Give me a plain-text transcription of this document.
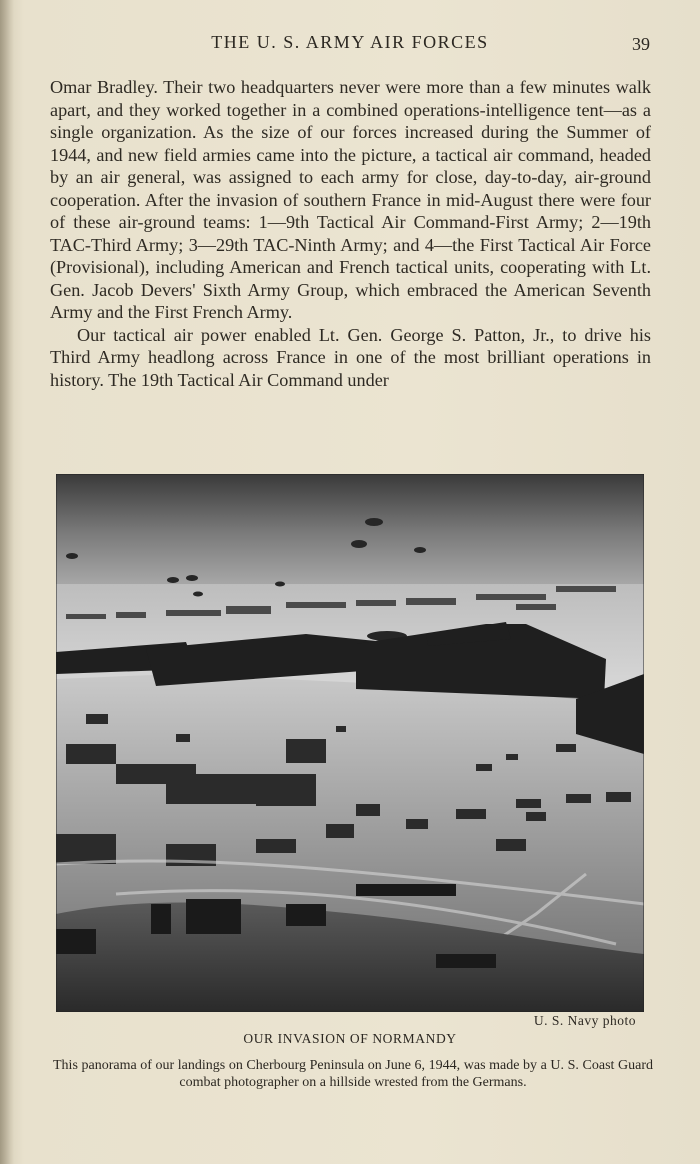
THE U. S. ARMY AIR FORCES	39

Omar Bradley. Their two headquarters never were more than a few minutes walk apart, and they worked together in a combined operations-intelligence tent—as a single organization. As the size of our forces increased during the Summer of 1944, and new field armies came into the picture, a tactical air command, headed by an air general, was assigned to each army for close, day-to-day, air-ground cooperation. After the invasion of southern France in mid-August there were four of these air-ground teams: 1—9th Tactical Air Command-First Army; 2—19th TAC-Third Army; 3—29th TAC-Ninth Army; and 4—the First Tactical Air Force (Provisional), including American and French tactical units, cooperating with Lt. Gen. Jacob Devers' Sixth Army Group, which embraced the American Seventh Army and the First French Army.

Our tactical air power enabled Lt. Gen. George S. Patton, Jr., to drive his Third Army headlong across France in one of the most brilliant operations in history. The 19th Tactical Air Command under

U. S. Navy photo
OUR INVASION OF NORMANDY
This panorama of our landings on Cherbourg Peninsula on June 6, 1944, was made by a U. S. Coast Guard combat photographer on a hillside wrested from the Germans.
